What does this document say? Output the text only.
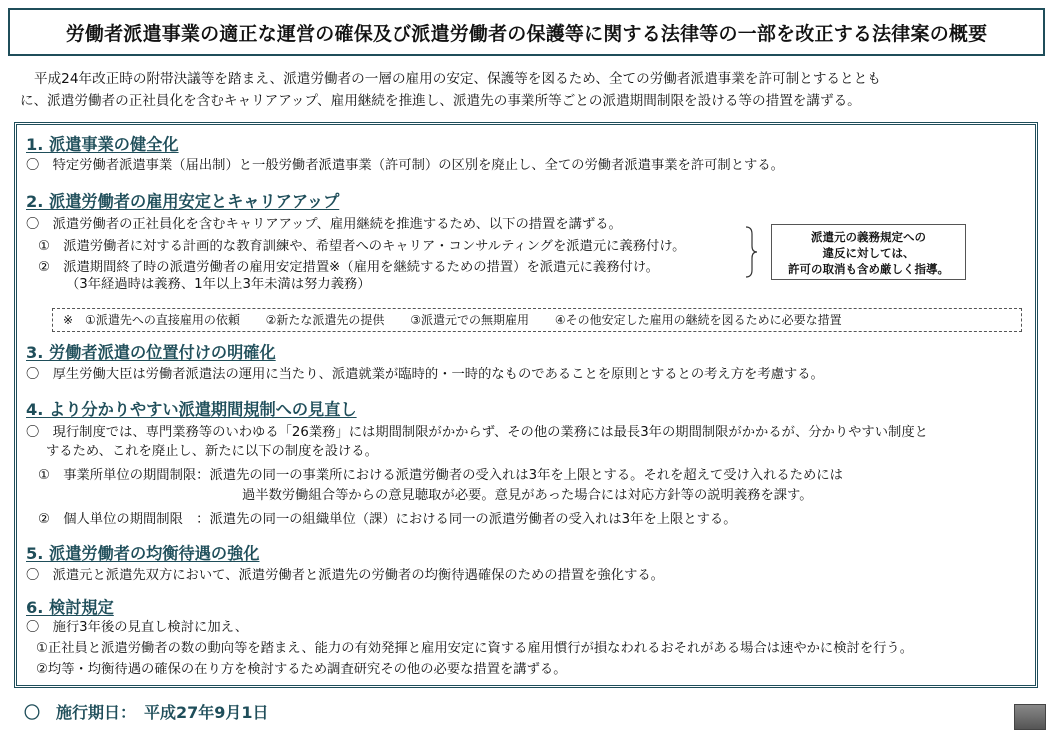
労働者派遣事業の適正な運営の確保及び派遣労働者の保護等に関する法律等の一部を改正する法律案の概要
平成24年改正時の附帯決議等を踏まえ、派遣労働者の一層の雇用の安定、保護等を図るため、全ての労働者派遣事業を許可制とするととも
に、派遣労働者の正社員化を含むキャリアアップ、雇用継続を推進し、派遣先の事業所等ごとの派遣期間制限を設ける等の措置を講ずる。
1. 派遣事業の健全化
〇　特定労働者派遣事業（届出制）と一般労働者派遣事業（許可制）の区別を廃止し、全ての労働者派遣事業を許可制とする。
2. 派遣労働者の雇用安定とキャリアアップ
〇　派遣労働者の正社員化を含むキャリアアップ、雇用継続を推進するため、以下の措置を講ずる。
①　派遣労働者に対する計画的な教育訓練や、希望者へのキャリア・コンサルティングを派遣元に義務付け。
②　派遣期間終了時の派遣労働者の雇用安定措置※（雇用を継続するための措置）を派遣元に義務付け。
（3年経過時は義務、1年以上3年未満は努力義務）
派遣元の義務規定への
違反に対しては、
許可の取消も含め厳しく指導。
※　①派遣先への直接雇用の依頼 ②新たな派遣先の提供 ③派遣元での無期雇用 ④その他安定した雇用の継続を図るために必要な措置
3. 労働者派遣の位置付けの明確化
〇　厚生労働大臣は労働者派遣法の運用に当たり、派遣就業が臨時的・一時的なものであることを原則とするとの考え方を考慮する。
4. より分かりやすい派遣期間規制への見直し
〇　現行制度では、専門業務等のいわゆる「26業務」には期間制限がかからず、その他の業務には最長3年の期間制限がかかるが、分かりやすい制度と
するため、これを廃止し、新たに以下の制度を設ける。
①　事業所単位の期間制限：派遣先の同一の事業所における派遣労働者の受入れは3年を上限とする。それを超えて受け入れるためには
過半数労働組合等からの意見聴取が必要。意見があった場合には対応方針等の説明義務を課す。
②　個人単位の期間制限　：派遣先の同一の組織単位（課）における同一の派遣労働者の受入れは3年を上限とする。
5. 派遣労働者の均衡待遇の強化
〇　派遣元と派遣先双方において、派遣労働者と派遣先の労働者の均衡待遇確保のための措置を強化する。
6. 検討規定
〇　施行3年後の見直し検討に加え、
①正社員と派遣労働者の数の動向等を踏まえ、能力の有効発揮と雇用安定に資する雇用慣行が損なわれるおそれがある場合は速やかに検討を行う。
②均等・均衡待遇の確保の在り方を検討するため調査研究その他の必要な措置を講ずる。
〇　施行期日：　平成27年9月1日
